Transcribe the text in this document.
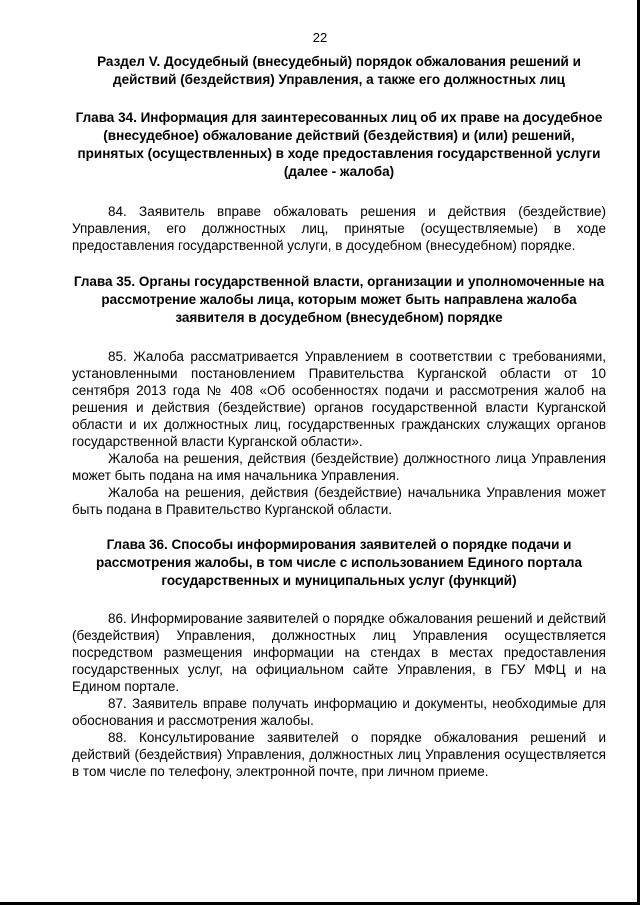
22
Раздел V. Досудебный (внесудебный) порядок обжалования решений и действий (бездействия) Управления, а также его должностных лиц
Глава 34. Информация для заинтересованных лиц об их праве на досудебное (внесудебное) обжалование действий (бездействия) и (или) решений, принятых (осуществленных) в ходе предоставления государственной услуги (далее - жалоба)

84. Заявитель вправе обжаловать решения и действия (бездействие) Управления, его должностных лиц, принятые (осуществляемые) в ходе предоставления государственной услуги, в досудебном (внесудебном) порядке.

Глава 35. Органы государственной власти, организации и уполномоченные на рассмотрение жалобы лица, которым может быть направлена жалоба заявителя в досудебном (внесудебном) порядке

85. Жалоба рассматривается Управлением в соответствии с требованиями, установленными постановлением Правительства Курганской области от 10 сентября 2013 года № 408 «Об особенностях подачи и рассмотрения жалоб на решения и действия (бездействие) органов государственной власти Курганской области и их должностных лиц, государственных гражданских служащих органов государственной власти Курганской области».

Жалоба на решения, действия (бездействие) должностного лица Управления может быть подана на имя начальника Управления.

Жалоба на решения, действия (бездействие) начальника Управления может быть подана в Правительство Курганской области.

Глава 36. Способы информирования заявителей о порядке подачи и рассмотрения жалобы, в том числе с использованием Единого портала государственных и муниципальных услуг (функций)

86. Информирование заявителей о порядке обжалования решений и действий (бездействия) Управления, должностных лиц Управления осуществляется посредством размещения информации на стендах в местах предоставления государственных услуг, на официальном сайте Управления, в ГБУ МФЦ и на Едином портале.

87. Заявитель вправе получать информацию и документы, необходимые для обоснования и рассмотрения жалобы.

88. Консультирование заявителей о порядке обжалования решений и действий (бездействия) Управления, должностных лиц Управления осуществляется в том числе по телефону, электронной почте, при личном приеме.
